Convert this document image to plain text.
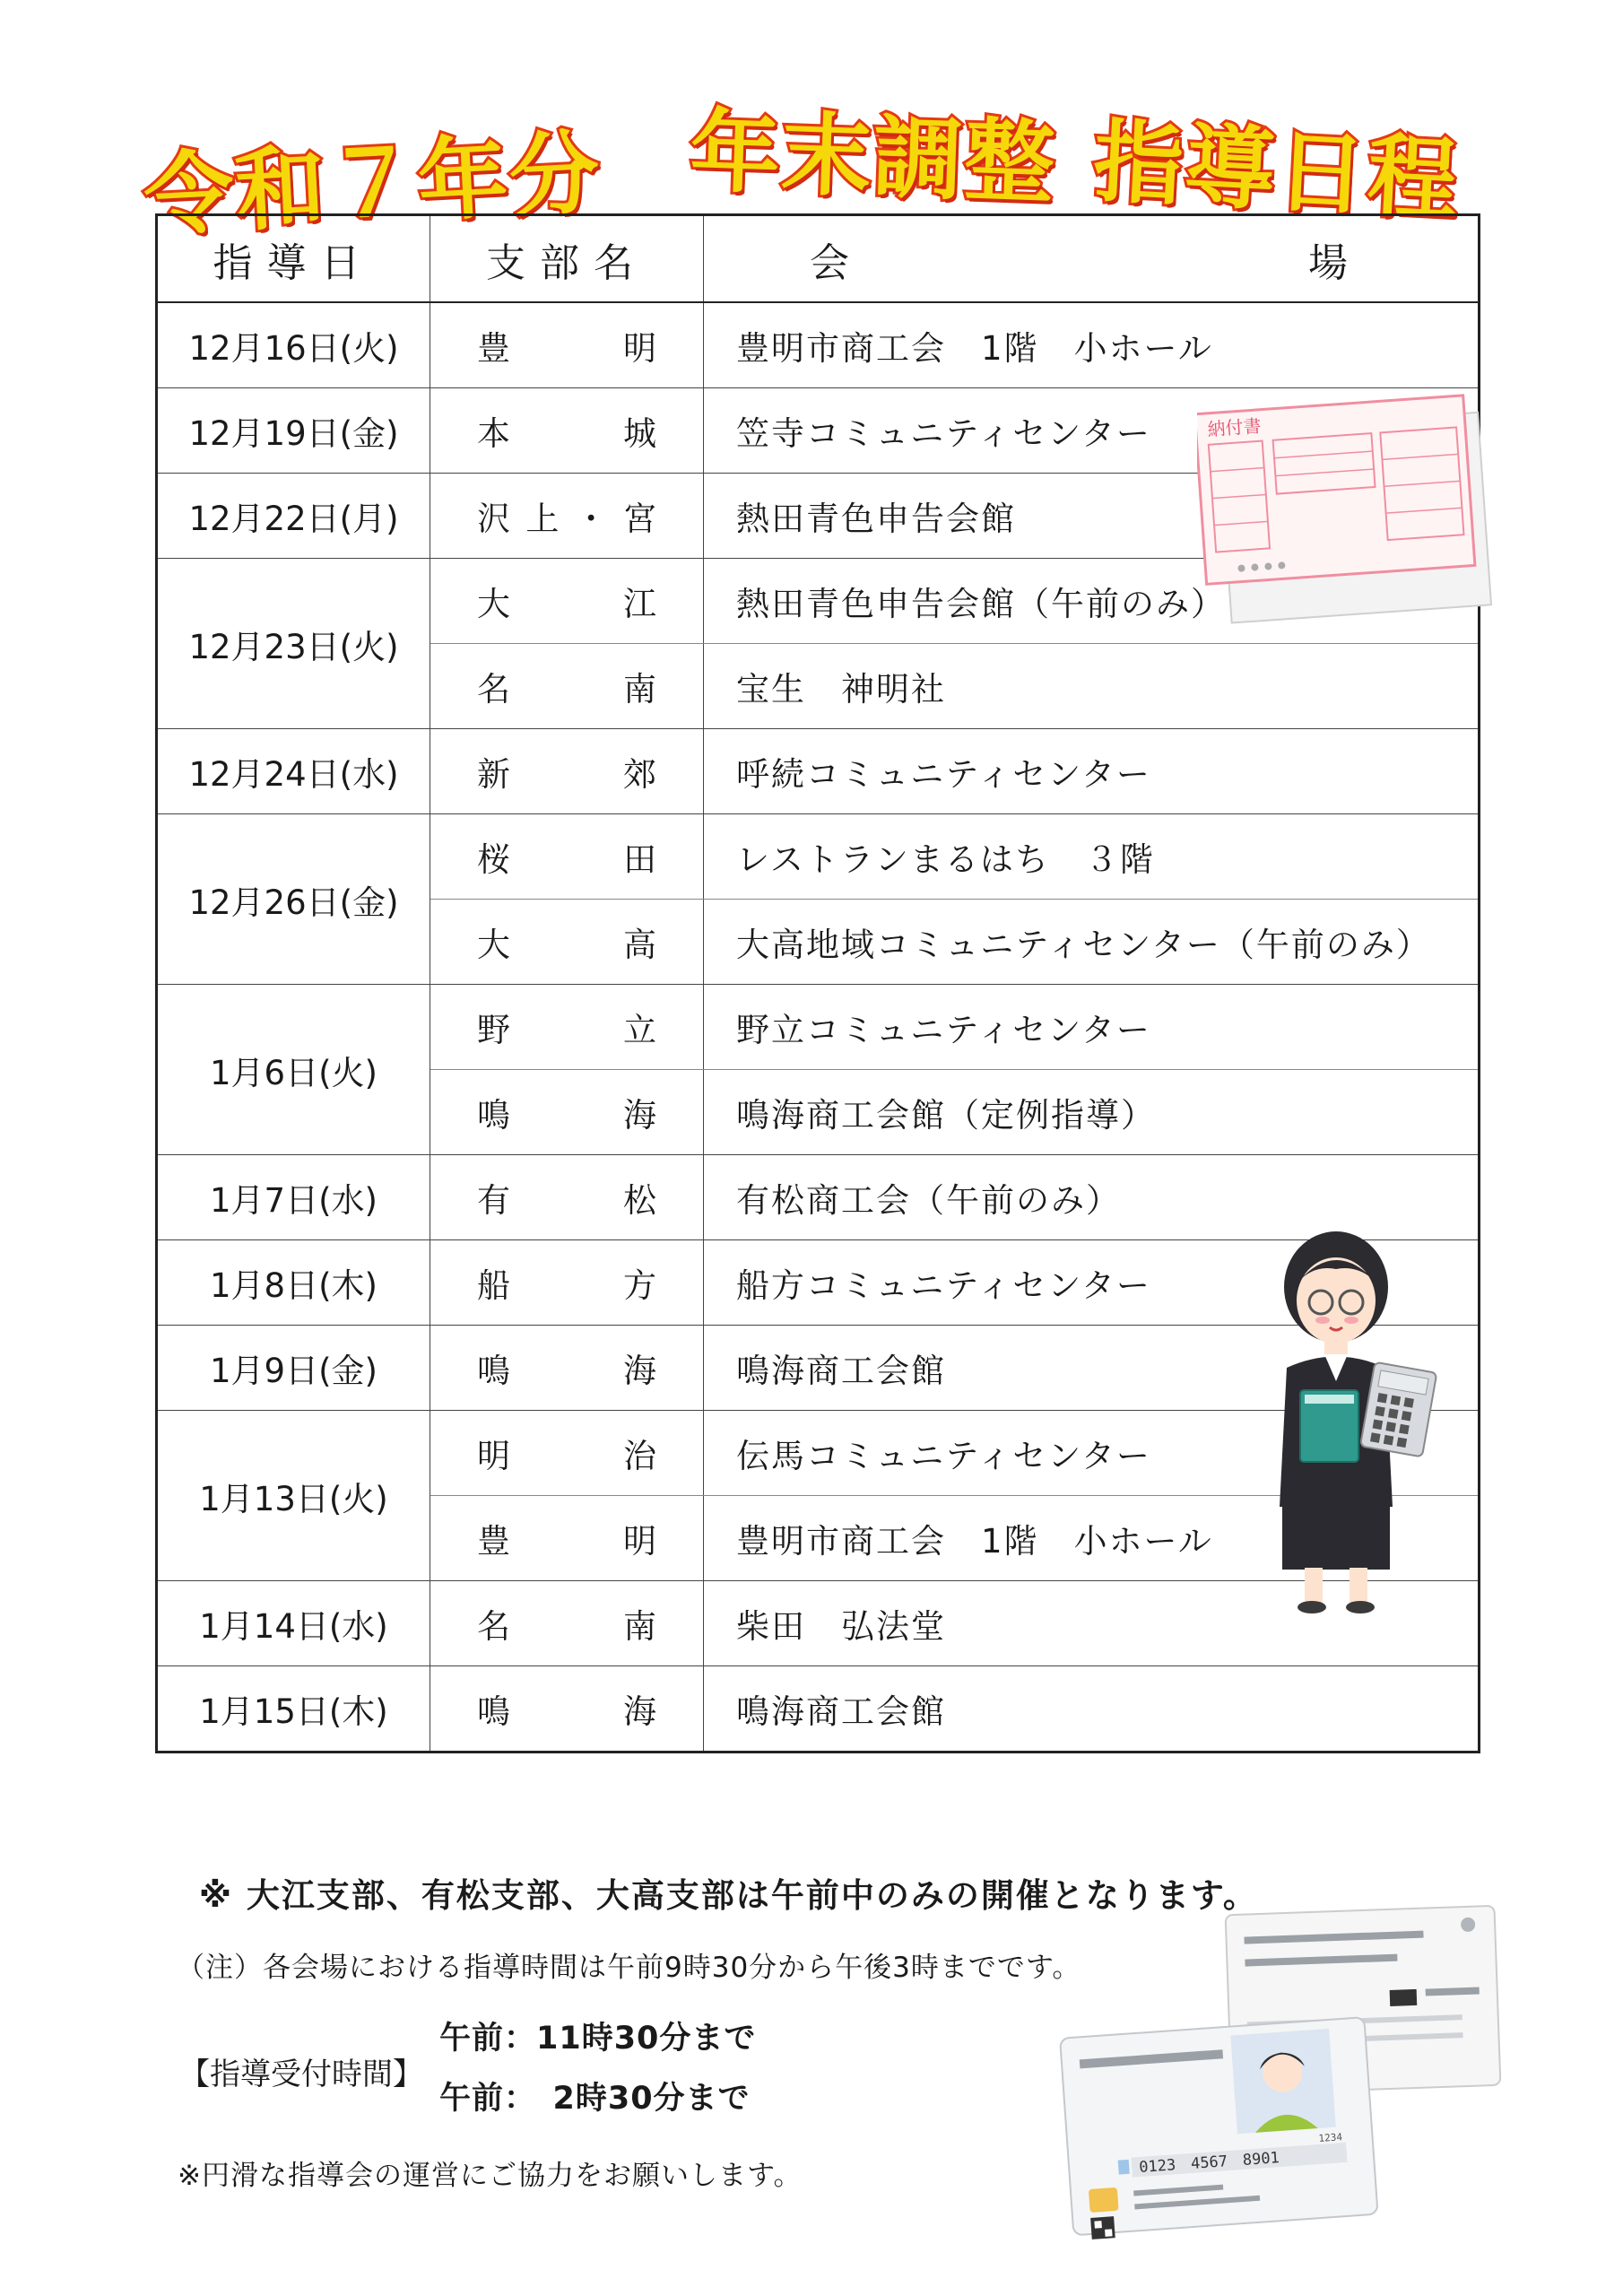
令和７年分 年末調整 指導日程
指導日	支部名	会　　　　　　　　場
12月16日(火)	豊明	豊明市商工会　1階　小ホール
12月19日(金)	本城	笠寺コミュニティセンター
12月22日(月)	沢上・宮	熱田青色申告会館
12月23日(火)	大江	熱田青色申告会館（午前のみ）
	名南	宝生　神明社
12月24日(水)	新郊	呼続コミュニティセンター
12月26日(金)	桜田	レストランまるはち　３階
	大高	大高地域コミュニティセンター（午前のみ）
1月6日(火)	野立	野立コミュニティセンター
	鳴海	鳴海商工会館（定例指導）
1月7日(水)	有松	有松商工会（午前のみ）
1月8日(木)	船方	船方コミュニティセンター
1月9日(金)	鳴海	鳴海商工会館
1月13日(火)	明治	伝馬コミュニティセンター
	豊明	豊明市商工会　1階　小ホール
1月14日(水)	名南	柴田　弘法堂
1月15日(木)	鳴海	鳴海商工会館
納付書
※ 大江支部、有松支部、大高支部は午前中のみの開催となります。
（注）各会場における指導時間は午前9時30分から午後3時までです。
【指導受付時間】
午前：11時30分まで
午前：　2時30分まで
※円滑な指導会の運営にご協力をお願いします。
1234
0123　4567　8901
